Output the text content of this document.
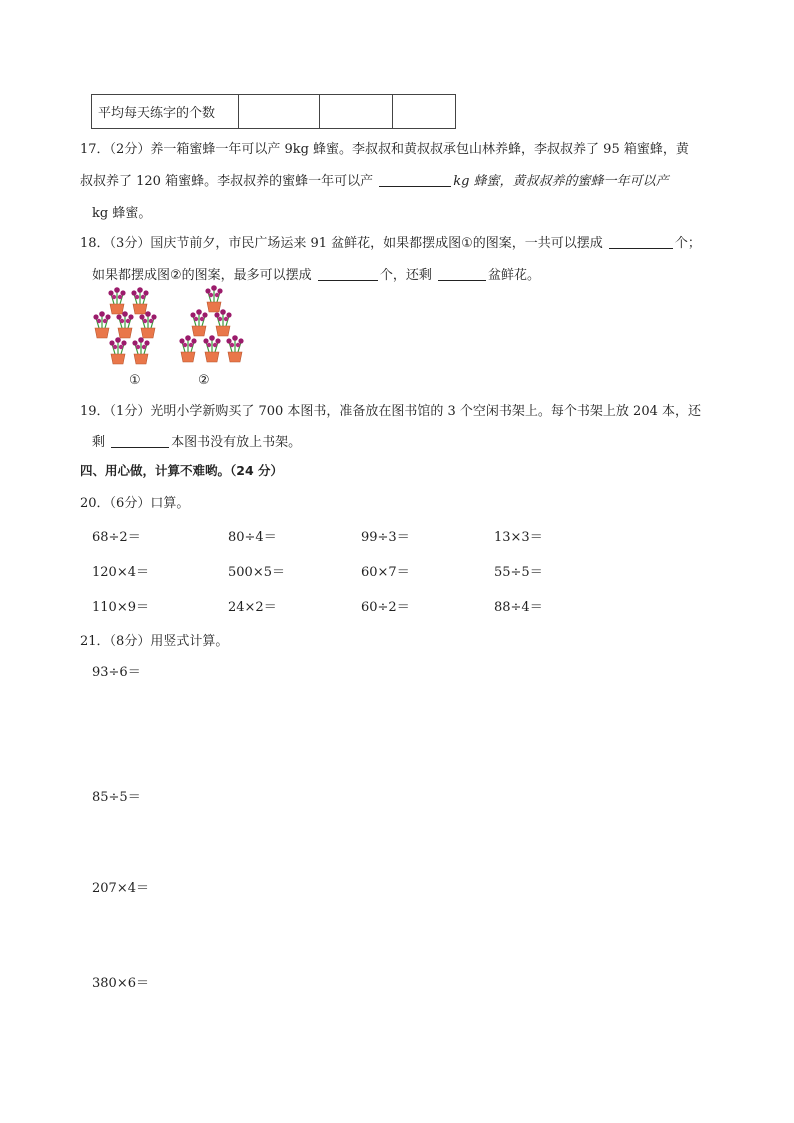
平均每天练字的个数			
17．（2分）养一箱蜜蜂一年可以产 9kg 蜂蜜。李叔叔和黄叔叔承包山林养蜂，李叔叔养了 95 箱蜜蜂，黄
叔叔养了 120 箱蜜蜂。李叔叔养的蜜蜂一年可以产	kg 蜂蜜，黄叔叔养的蜜蜂一年可以产
kg 蜂蜜。
18．（3分）国庆节前夕，市民广场运来 91 盆鲜花，如果都摆成图①的图案，一共可以摆成	个；
如果都摆成图②的图案，最多可以摆成	个，还剩	盆鲜花。
①	②
19．（1分）光明小学新购买了 700 本图书，准备放在图书馆的 3 个空闲书架上。每个书架上放 204 本，还
剩	本图书没有放上书架。
四、用心做，计算不难哟。（24 分）
20．（6分）口算。
68÷2＝	80÷4＝	99÷3＝	13×3＝
120×4＝	500×5＝	60×7＝	55÷5＝
110×9＝	24×2＝	60÷2＝	88÷4＝
21．（8分）用竖式计算。
93÷6＝
85÷5＝
207×4＝
380×6＝
